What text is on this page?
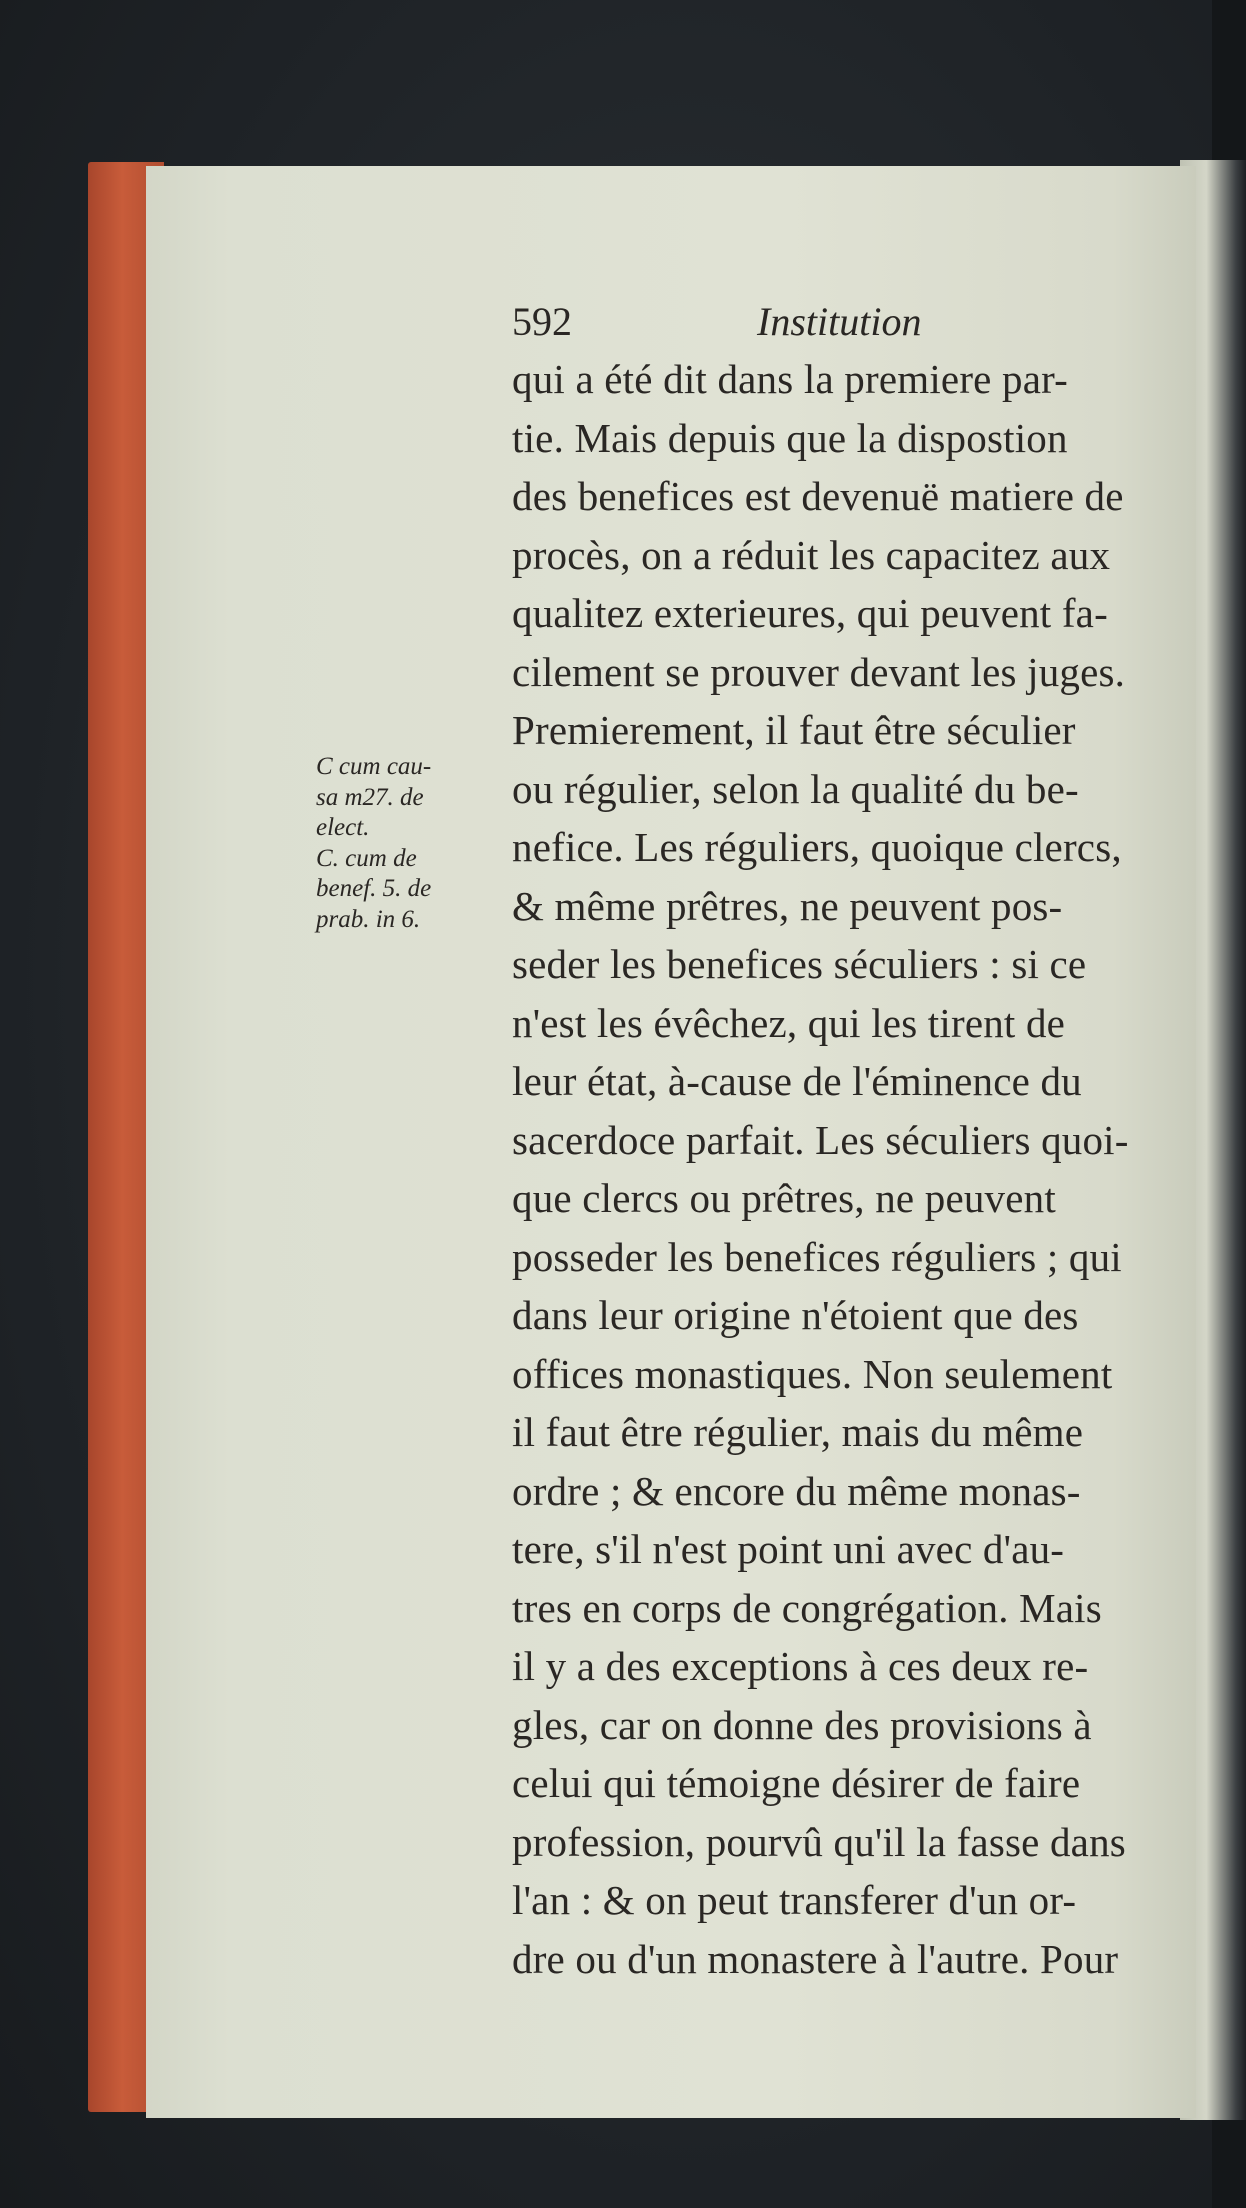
592	Institution
C cum cau-
sa m27. de
elect.
C. cum de
benef. 5. de
prab. in 6.
qui a été dit dans la premiere par-
tie. Mais depuis que la dispostion
des benefices est devenuë matiere de
procès, on a réduit les capacitez aux
qualitez exterieures, qui peuvent fa-
cilement se prouver devant les juges.
Premierement, il faut être séculier
ou régulier, selon la qualité du be-
nefice. Les réguliers, quoique clercs,
& même prêtres, ne peuvent pos-
seder les benefices séculiers : si ce
n'est les évêchez, qui les tirent de
leur état, à-cause de l'éminence du
sacerdoce parfait. Les séculiers quoi-
que clercs ou prêtres, ne peuvent
posseder les benefices réguliers ; qui
dans leur origine n'étoient que des
offices monastiques. Non seulement
il faut être régulier, mais du même
ordre ; & encore du même monas-
tere, s'il n'est point uni avec d'au-
tres en corps de congrégation. Mais
il y a des exceptions à ces deux re-
gles, car on donne des provisions à
celui qui témoigne désirer de faire
profession, pourvû qu'il la fasse dans
l'an : & on peut transferer d'un or-
dre ou d'un monastere à l'autre. Pour
